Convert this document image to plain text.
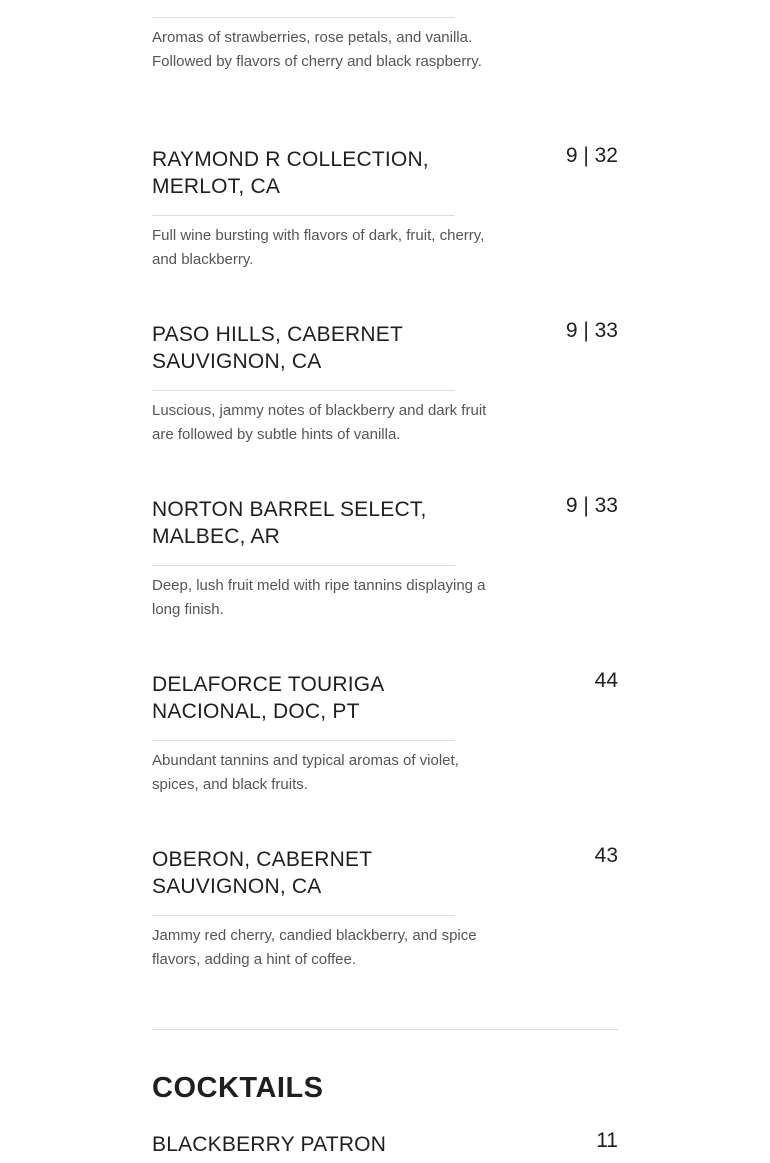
Aromas of strawberries, rose petals, and vanilla. Followed by flavors of cherry and black raspberry.
RAYMOND R COLLECTION, MERLOT, CA
9 | 32
Full wine bursting with flavors of dark, fruit, cherry, and blackberry.
PASO HILLS, CABERNET SAUVIGNON, CA
9 | 33
Luscious, jammy notes of blackberry and dark fruit are followed by subtle hints of vanilla.
NORTON BARREL SELECT, MALBEC, AR
9 | 33
Deep, lush fruit meld with ripe tannins displaying a long finish.
DELAFORCE TOURIGA NACIONAL, DOC, PT
44
Abundant tannins and typical aromas of violet, spices, and black fruits.
OBERON, CABERNET SAUVIGNON, CA
43
Jammy red cherry, candied blackberry, and spice flavors, adding a hint of coffee.
COCKTAILS
BLACKBERRY PATRON	11
